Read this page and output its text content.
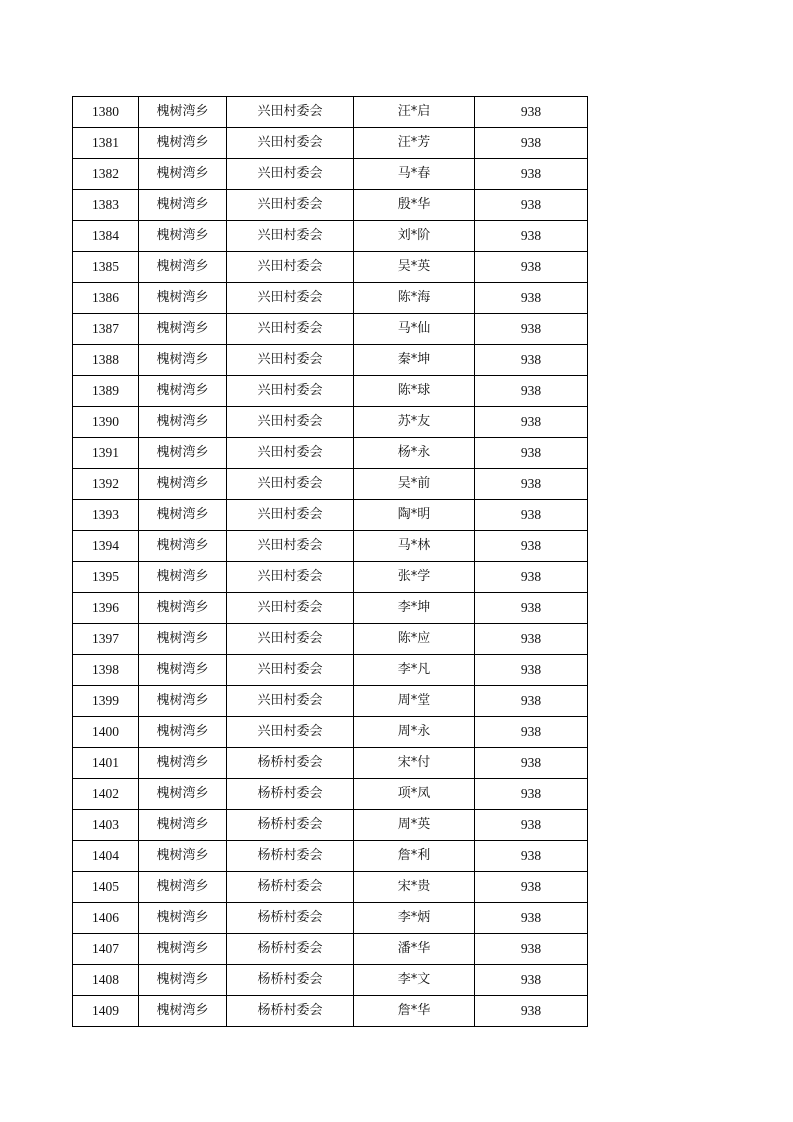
1380	槐树湾乡	兴田村委会	汪*启	938
1381	槐树湾乡	兴田村委会	汪*芳	938
1382	槐树湾乡	兴田村委会	马*春	938
1383	槐树湾乡	兴田村委会	殷*华	938
1384	槐树湾乡	兴田村委会	刘*阶	938
1385	槐树湾乡	兴田村委会	吴*英	938
1386	槐树湾乡	兴田村委会	陈*海	938
1387	槐树湾乡	兴田村委会	马*仙	938
1388	槐树湾乡	兴田村委会	秦*坤	938
1389	槐树湾乡	兴田村委会	陈*球	938
1390	槐树湾乡	兴田村委会	苏*友	938
1391	槐树湾乡	兴田村委会	杨*永	938
1392	槐树湾乡	兴田村委会	吴*前	938
1393	槐树湾乡	兴田村委会	陶*明	938
1394	槐树湾乡	兴田村委会	马*林	938
1395	槐树湾乡	兴田村委会	张*学	938
1396	槐树湾乡	兴田村委会	李*坤	938
1397	槐树湾乡	兴田村委会	陈*应	938
1398	槐树湾乡	兴田村委会	李*凡	938
1399	槐树湾乡	兴田村委会	周*堂	938
1400	槐树湾乡	兴田村委会	周*永	938
1401	槐树湾乡	杨桥村委会	宋*付	938
1402	槐树湾乡	杨桥村委会	项*凤	938
1403	槐树湾乡	杨桥村委会	周*英	938
1404	槐树湾乡	杨桥村委会	詹*利	938
1405	槐树湾乡	杨桥村委会	宋*贵	938
1406	槐树湾乡	杨桥村委会	李*炳	938
1407	槐树湾乡	杨桥村委会	潘*华	938
1408	槐树湾乡	杨桥村委会	李*文	938
1409	槐树湾乡	杨桥村委会	詹*华	938
